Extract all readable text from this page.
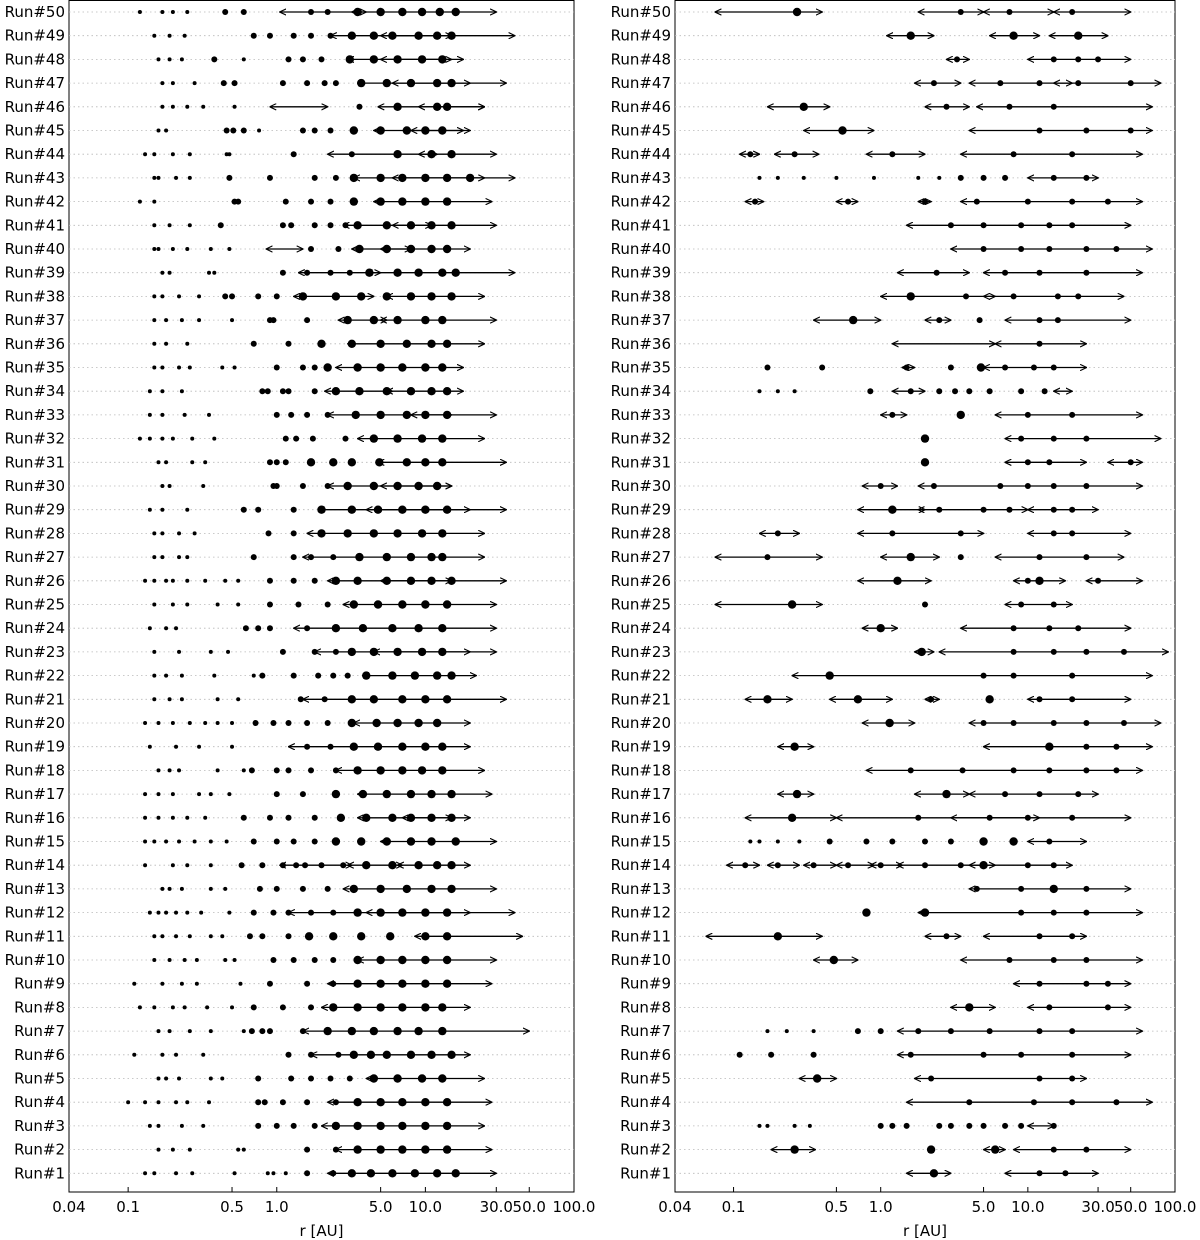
Run#50
Run#49
Run#48
Run#47
Run#46
Run#45
Run#44
Run#43
Run#42
Run#41
Run#40
Run#39
Run#38
Run#37
Run#36
Run#35
Run#34
Run#33
Run#32
Run#31
Run#30
Run#29
Run#28
Run#27
Run#26
Run#25
Run#24
Run#23
Run#22
Run#21
Run#20
Run#19
Run#18
Run#17
Run#16
Run#15
Run#14
Run#13
Run#12
Run#11
Run#10
Run#9
Run#8
Run#7
Run#6
Run#5
Run#4
Run#3
Run#2
Run#1
0.04 0.1	0.5 1.0	5.0 10.0	30.0 50.0 100.0
r [AU]
Run#50
Run#49
Run#48
Run#47
Run#46
Run#45
Run#44
Run#43
Run#42
Run#41
Run#40
Run#39
Run#38
Run#37
Run#36
Run#35
Run#34
Run#33
Run#32
Run#31
Run#30
Run#29
Run#28
Run#27
Run#26
Run#25
Run#24
Run#23
Run#22
Run#21
Run#20
Run#19
Run#18
Run#17
Run#16
Run#15
Run#14
Run#13
Run#12
Run#11
Run#10
Run#9
Run#8
Run#7
Run#6
Run#5
Run#4
Run#3
Run#2
Run#1
0.04 0.1	0.5 1.0	5.0 10.0 30.0 50.0 100.0
r [AU]
